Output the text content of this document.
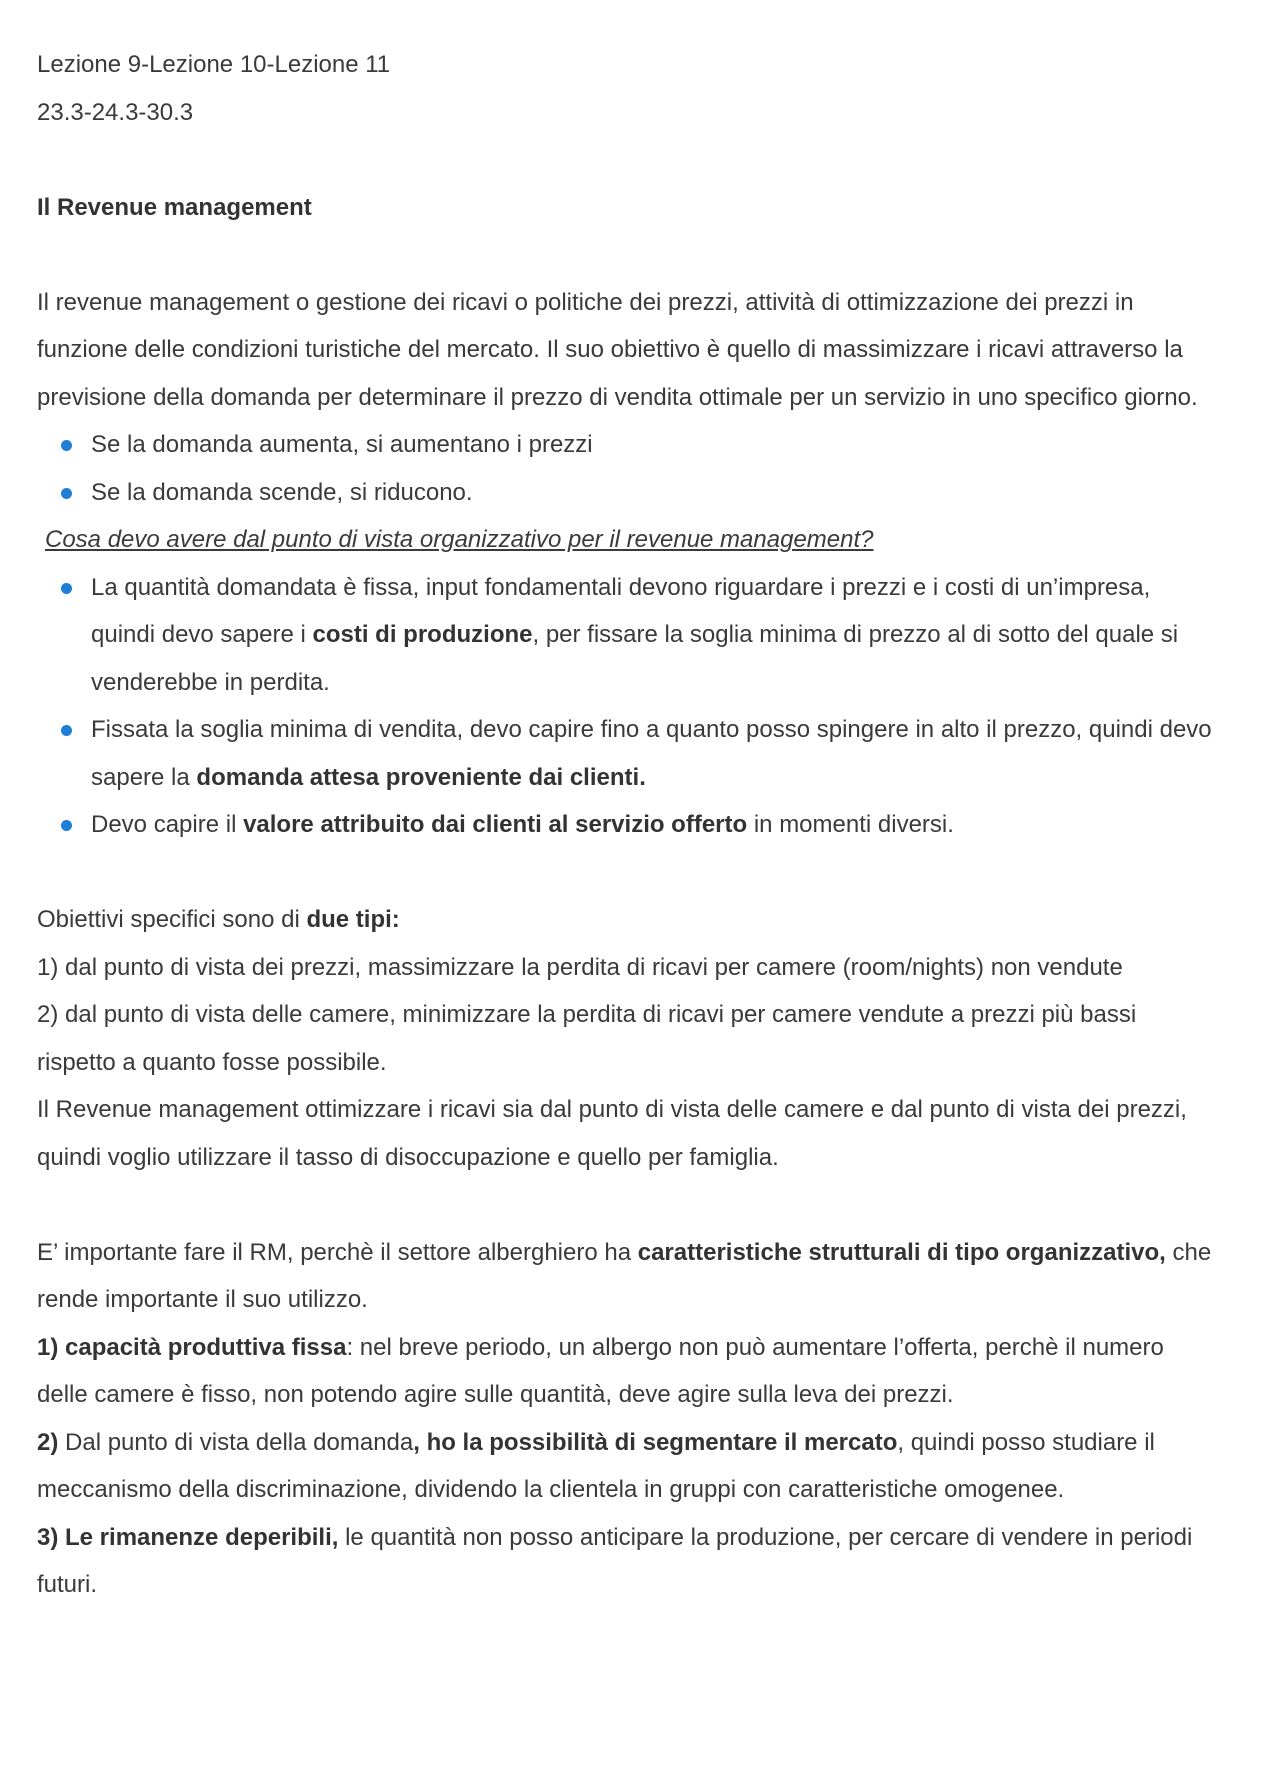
Lezione 9-Lezione 10-Lezione 11

23.3-24.3-30.3

Il Revenue management

Il revenue management o gestione dei ricavi o politiche dei prezzi, attività di ottimizzazione dei prezzi in funzione delle condizioni turistiche del mercato. Il suo obiettivo è quello di massimizzare i ricavi attraverso la previsione della domanda per determinare il prezzo di vendita ottimale per un servizio in uno specifico giorno.

Se la domanda aumenta, si aumentano i prezzi
Se la domanda scende, si riducono.

Cosa devo avere dal punto di vista organizzativo per il revenue management?

La quantità domandata è fissa, input fondamentali devono riguardare i prezzi e i costi di un’impresa, quindi devo sapere i costi di produzione, per fissare la soglia minima di prezzo al di sotto del quale si venderebbe in perdita.
Fissata la soglia minima di vendita, devo capire fino a quanto posso spingere in alto il prezzo, quindi devo sapere la domanda attesa proveniente dai clienti.
Devo capire il valore attribuito dai clienti al servizio offerto in momenti diversi.

Obiettivi specifici sono di due tipi:

1) dal punto di vista dei prezzi, massimizzare la perdita di ricavi per camere (room/nights) non vendute

2) dal punto di vista delle camere, minimizzare la perdita di ricavi per camere vendute a prezzi più bassi rispetto a quanto fosse possibile.

Il Revenue management ottimizzare i ricavi sia dal punto di vista delle camere e dal punto di vista dei prezzi, quindi voglio utilizzare il tasso di disoccupazione e quello per famiglia.

E’ importante fare il RM, perchè il settore alberghiero ha caratteristiche strutturali di tipo organizzativo, che rende importante il suo utilizzo.

1) capacità produttiva fissa: nel breve periodo, un albergo non può aumentare l’offerta, perchè il numero delle camere è fisso, non potendo agire sulle quantità, deve agire sulla leva dei prezzi.

2) Dal punto di vista della domanda, ho la possibilità di segmentare il mercato, quindi posso studiare il meccanismo della discriminazione, dividendo la clientela in gruppi con caratteristiche omogenee.

3) Le rimanenze deperibili, le quantità non posso anticipare la produzione, per cercare di vendere in periodi futuri.
